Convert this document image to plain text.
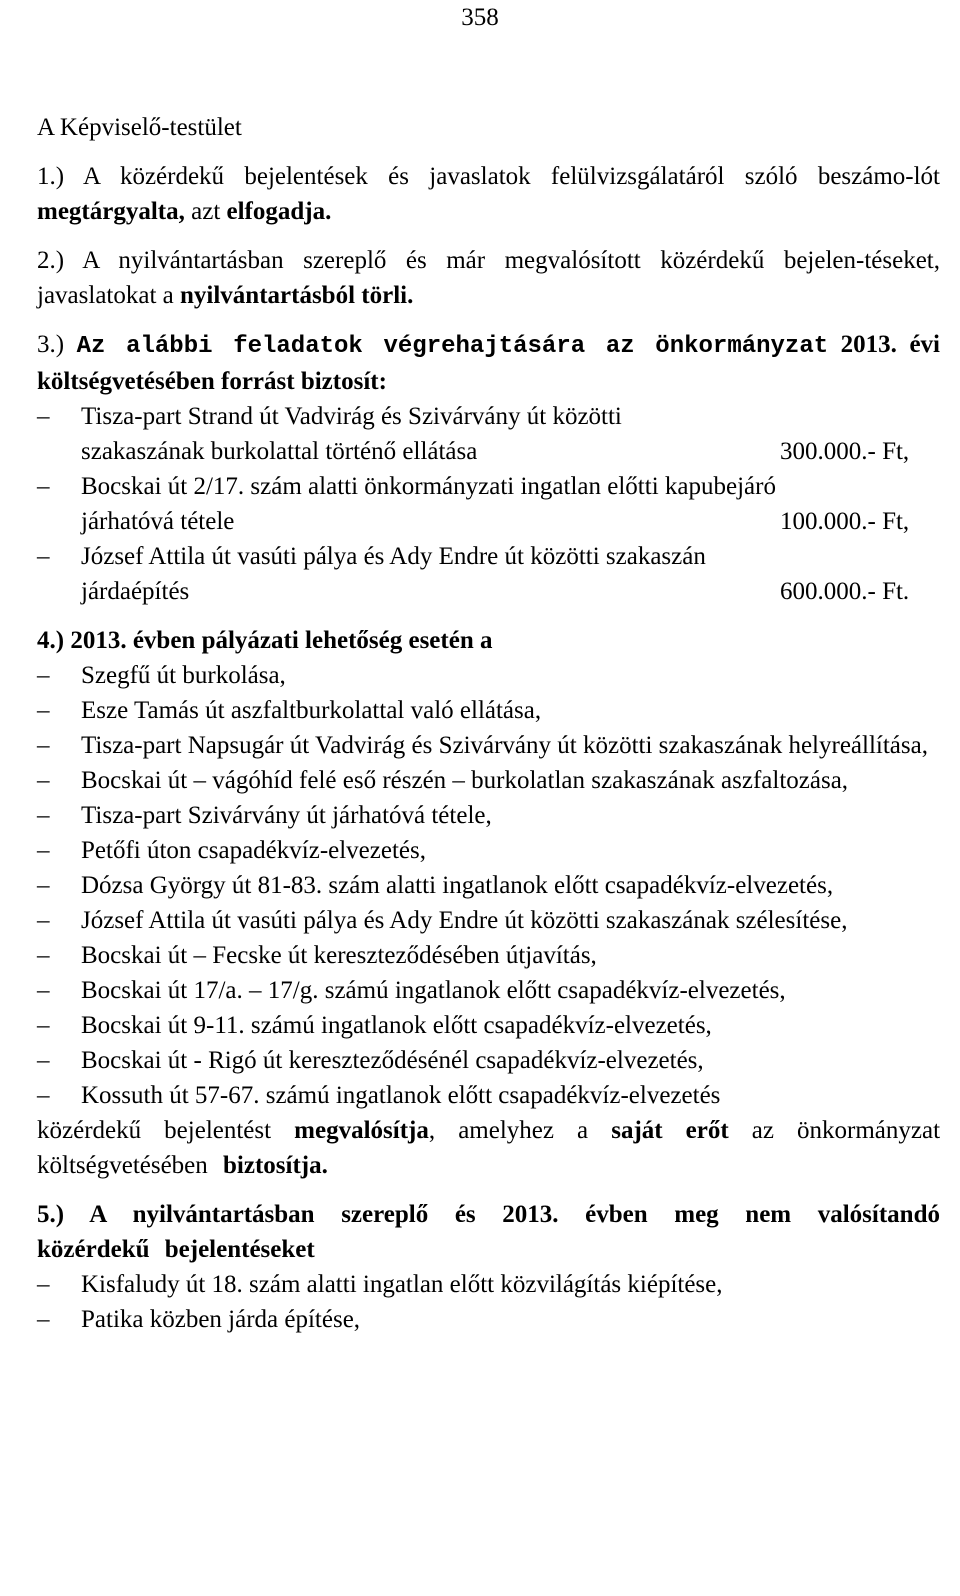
358

A Képviselő-testület

1.) A közérdekű bejelentések és javaslatok felülvizsgálatáról szóló beszámo-lót megtárgyalta, azt elfogadja.

2.) A nyilvántartásban szereplő és már megvalósított közérdekű bejelen-téseket, javaslatokat a nyilvántartásból törli.

3.) Az alábbi feladatok végrehajtására az önkormányzat 2013. évi költségvetésében forrást biztosít:
– Tisza-part Strand út Vadvirág és Szivárvány út közötti
szakaszának burkolattal történő ellátása	300.000.- Ft,
– Bocskai út 2/17. szám alatti önkormányzati ingatlan előtti kapubejáró
járhatóvá tétele	100.000.- Ft,
– József Attila út vasúti pálya és Ady Endre út közötti szakaszán
járdaépítés	600.000.- Ft.
4.) 2013. évben pályázati lehetőség esetén a
– Szegfű út burkolása,
– Esze Tamás út aszfaltburkolattal való ellátása,
– Tisza-part Napsugár út Vadvirág és Szivárvány út közötti szakaszának helyreállítása,
– Bocskai út – vágóhíd felé eső részén – burkolatlan szakaszának aszfaltozása,
– Tisza-part Szivárvány út járhatóvá tétele,
– Petőfi úton csapadékvíz-elvezetés,
– Dózsa György út 81-83. szám alatti ingatlanok előtt csapadékvíz-elvezetés,
– József Attila út vasúti pálya és Ady Endre út közötti szakaszának szélesítése,
– Bocskai út – Fecske út kereszteződésében útjavítás,
– Bocskai út 17/a. – 17/g. számú ingatlanok előtt csapadékvíz-elvezetés,
– Bocskai út 9-11. számú ingatlanok előtt csapadékvíz-elvezetés,
– Bocskai út - Rigó út kereszteződésénél csapadékvíz-elvezetés,
– Kossuth út 57-67. számú ingatlanok előtt csapadékvíz-elvezetés
közérdekű bejelentést megvalósítja, amelyhez a saját erőt az önkormányzat költségvetésében biztosítja.
5.) A nyilvántartásban szereplő és 2013. évben meg nem valósítandó közérdekű bejelentéseket
– Kisfaludy út 18. szám alatti ingatlan előtt közvilágítás kiépítése,
– Patika közben járda építése,
